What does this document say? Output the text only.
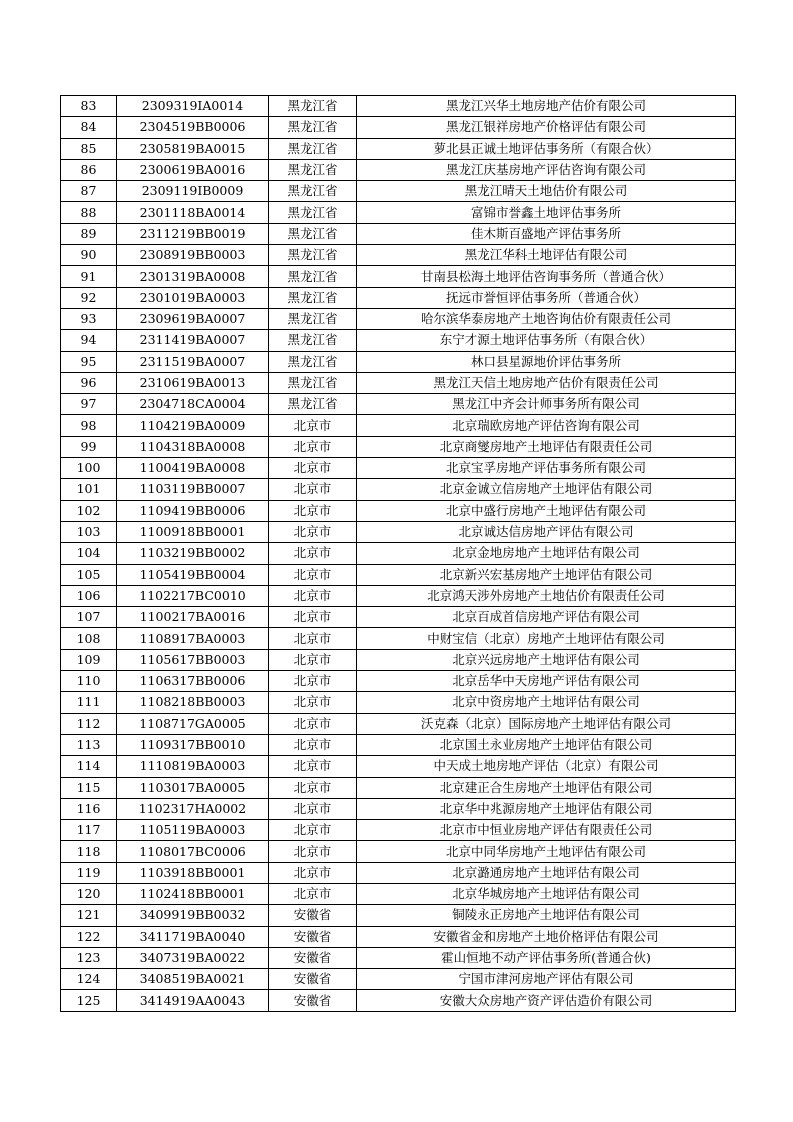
83	2309319IA0014	黑龙江省	黑龙江兴华土地房地产估价有限公司
84	2304519BB0006	黑龙江省	黑龙江银祥房地产价格评估有限公司
85	2305819BA0015	黑龙江省	萝北县正诚土地评估事务所（有限合伙）
86	2300619BA0016	黑龙江省	黑龙江庆基房地产评估咨询有限公司
87	2309119IB0009	黑龙江省	黑龙江晴天土地估价有限公司
88	2301118BA0014	黑龙江省	富锦市誉鑫土地评估事务所
89	2311219BB0019	黑龙江省	佳木斯百盛地产评估事务所
90	2308919BB0003	黑龙江省	黑龙江华科土地评估有限公司
91	2301319BA0008	黑龙江省	甘南县松海土地评估咨询事务所（普通合伙）
92	2301019BA0003	黑龙江省	抚远市誉恒评估事务所（普通合伙）
93	2309619BA0007	黑龙江省	哈尔滨华泰房地产土地咨询估价有限责任公司
94	2311419BA0007	黑龙江省	东宁才源土地评估事务所（有限合伙）
95	2311519BA0007	黑龙江省	林口县星源地价评估事务所
96	2310619BA0013	黑龙江省	黑龙江天信土地房地产估价有限责任公司
97	2304718CA0004	黑龙江省	黑龙江中齐会计师事务所有限公司
98	1104219BA0009	北京市	北京瑞欧房地产评估咨询有限公司
99	1104318BA0008	北京市	北京商燮房地产土地评估有限责任公司
100	1100419BA0008	北京市	北京宝孚房地产评估事务所有限公司
101	1103119BB0007	北京市	北京金诚立信房地产土地评估有限公司
102	1109419BB0006	北京市	北京中盛行房地产土地评估有限公司
103	1100918BB0001	北京市	北京诚达信房地产评估有限公司
104	1103219BB0002	北京市	北京金地房地产土地评估有限公司
105	1105419BB0004	北京市	北京新兴宏基房地产土地评估有限公司
106	1102217BC0010	北京市	北京鸿天涉外房地产土地估价有限责任公司
107	1100217BA0016	北京市	北京百成首信房地产评估有限公司
108	1108917BA0003	北京市	中财宝信（北京）房地产土地评估有限公司
109	1105617BB0003	北京市	北京兴远房地产土地评估有限公司
110	1106317BB0006	北京市	北京岳华中天房地产评估有限公司
111	1108218BB0003	北京市	北京中资房地产土地评估有限公司
112	1108717GA0005	北京市	沃克森（北京）国际房地产土地评估有限公司
113	1109317BB0010	北京市	北京国土永业房地产土地评估有限公司
114	1110819BA0003	北京市	中天成土地房地产评估（北京）有限公司
115	1103017BA0005	北京市	北京建正合生房地产土地评估有限公司
116	1102317HA0002	北京市	北京华中兆源房地产土地评估有限公司
117	1105119BA0003	北京市	北京市中恒业房地产评估有限责任公司
118	1108017BC0006	北京市	北京中同华房地产土地评估有限公司
119	1103918BB0001	北京市	北京潞通房地产土地评估有限公司
120	1102418BB0001	北京市	北京华城房地产土地评估有限公司
121	3409919BB0032	安徽省	铜陵永正房地产土地评估有限公司
122	3411719BA0040	安徽省	安徽省金和房地产土地价格评估有限公司
123	3407319BA0022	安徽省	霍山恒地不动产评估事务所(普通合伙)
124	3408519BA0021	安徽省	宁国市津河房地产评估有限公司
125	3414919AA0043	安徽省	安徽大众房地产资产评估造价有限公司
